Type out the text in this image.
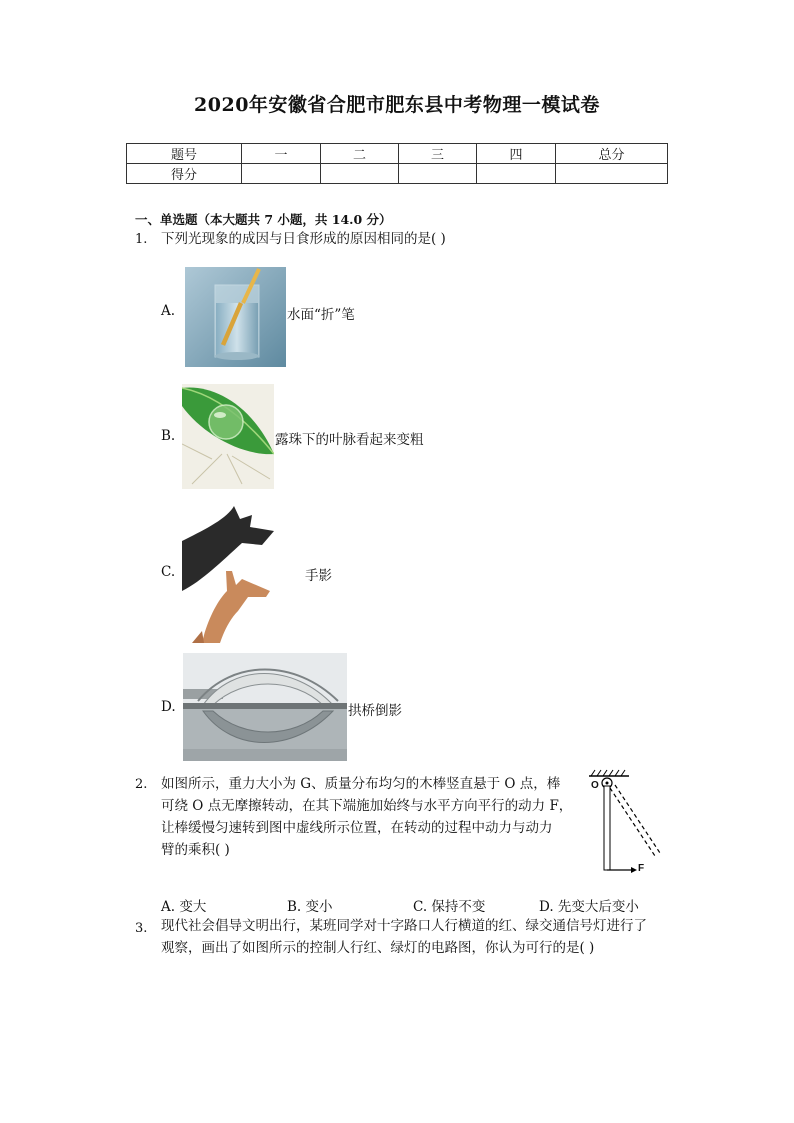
2020年安徽省合肥市肥东县中考物理一模试卷
题号	一	二	三	四	总分
得分					
一、单选题（本大题共 7 小题，共 14.0 分）
1. 下列光现象的成因与日食形成的原因相同的是( )
A.	水面“折”笔
B.	露珠下的叶脉看起来变粗
C.	手影
D.	拱桥倒影
2. 如图所示，重力大小为 G、质量分布均匀的木棒竖直悬于 O 点，棒
可绕 O 点无摩擦转动，在其下端施加始终与水平方向平行的动力 F，
让棒缓慢匀速转到图中虚线所示位置，在转动的过程中动力与动力
臂的乘积( )
O
F
A. 变大	B. 变小	C. 保持不变	D. 先变大后变小
3. 现代社会倡导文明出行，某班同学对十字路口人行横道的红、绿交通信号灯进行了
观察，画出了如图所示的控制人行红、绿灯的电路图，你认为可行的是( )
